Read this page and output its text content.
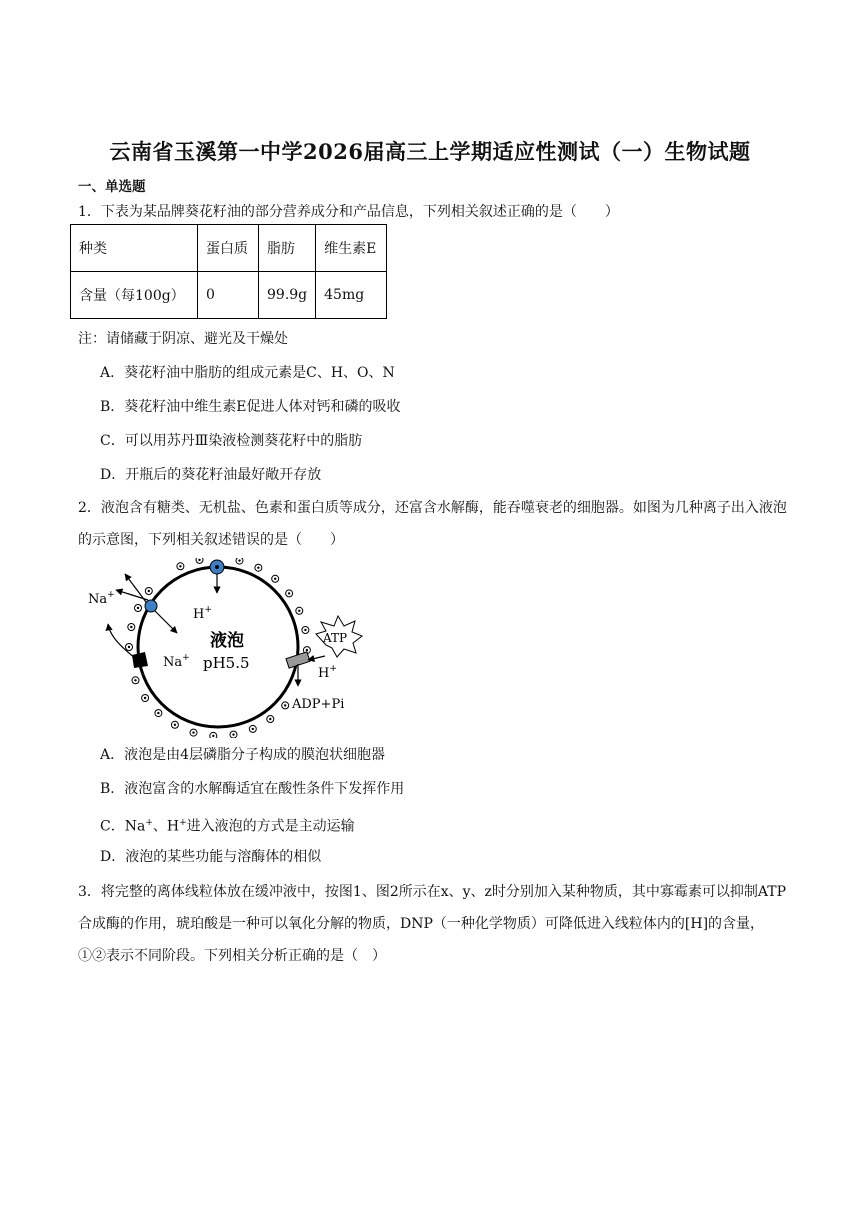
云南省玉溪第一中学2026届高三上学期适应性测试（一）生物试题
一、单选题
1．下表为某品牌葵花籽油的部分营养成分和产品信息，下列相关叙述正确的是（　　）
种类	蛋白质	脂肪	维生素E
含量（每100g）	0	99.9g	45mg
注：请储藏于阴凉、避光及干燥处
A．葵花籽油中脂肪的组成元素是C、H、O、N
B．葵花籽油中维生素E促进人体对钙和磷的吸收
C．可以用苏丹Ⅲ染液检测葵花籽中的脂肪
D．开瓶后的葵花籽油最好敞开存放
2．液泡含有糖类、无机盐、色素和蛋白质等成分，还富含水解酶，能吞噬衰老的细胞器。如图为几种离子出入液泡的示意图，下列相关叙述错误的是（　　）
Na+
H+
Na+
液泡
pH5.5
ATP
H+
ADP+Pi
A．液泡是由4层磷脂分子构成的膜泡状细胞器
B．液泡富含的水解酶适宜在酸性条件下发挥作用
C．Na+、H+进入液泡的方式是主动运输
D．液泡的某些功能与溶酶体的相似
3．将完整的离体线粒体放在缓冲液中，按图1、图2所示在x、y、z时分别加入某种物质，其中寡霉素可以抑制ATP合成酶的作用，琥珀酸是一种可以氧化分解的物质，DNP（一种化学物质）可降低进入线粒体内的[H]的含量，①②表示不同阶段。下列相关分析正确的是（　）
